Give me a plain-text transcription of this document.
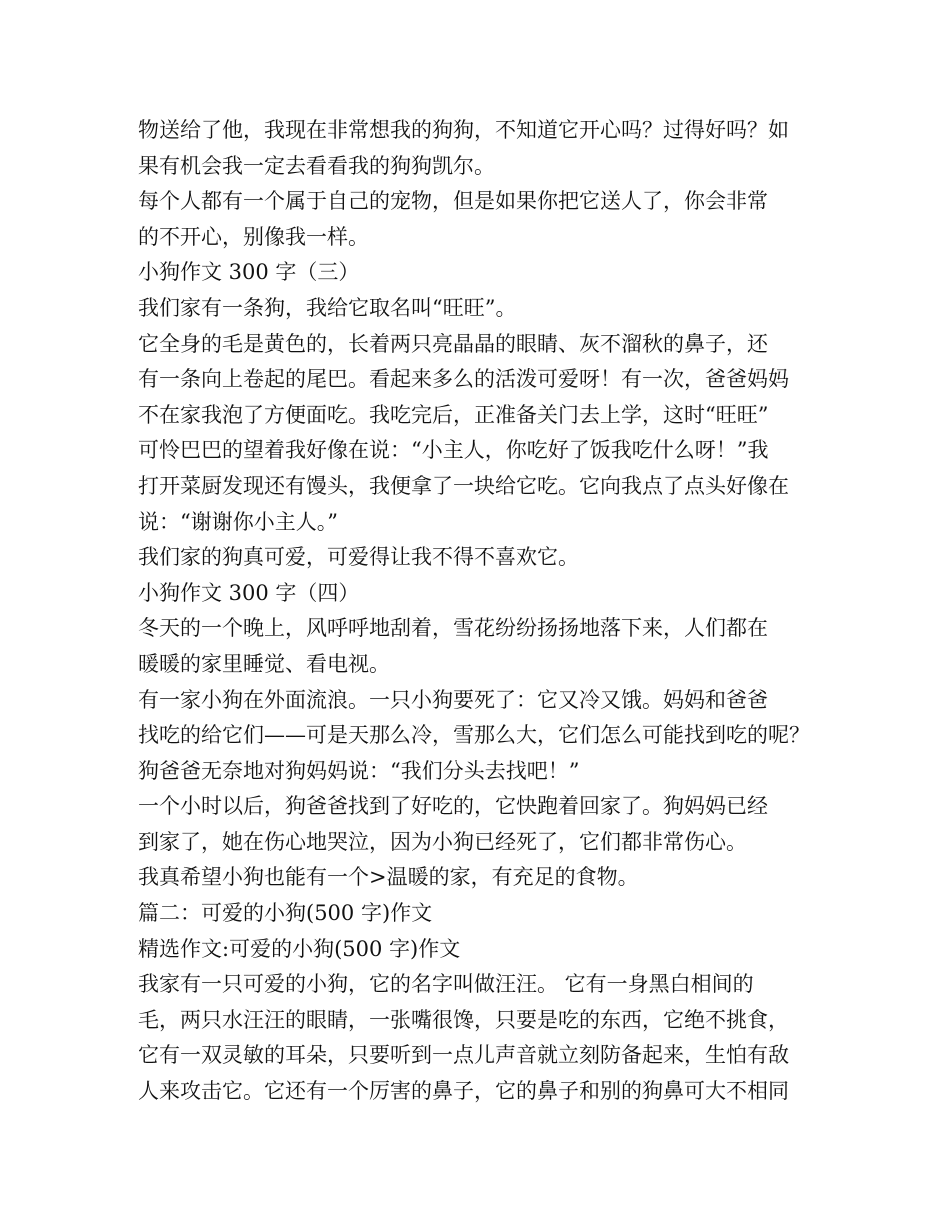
物送给了他，我现在非常想我的狗狗，不知道它开心吗？过得好吗？如
果有机会我一定去看看我的狗狗凯尔。
每个人都有一个属于自己的宠物，但是如果你把它送人了，你会非常
的不开心，别像我一样。
小狗作文 300 字（三）
我们家有一条狗，我给它取名叫“旺旺”。
它全身的毛是黄色的，长着两只亮晶晶的眼睛、灰不溜秋的鼻子，还
有一条向上卷起的尾巴。看起来多么的活泼可爱呀！有一次，爸爸妈妈
不在家我泡了方便面吃。我吃完后，正准备关门去上学，这时“旺旺”
可怜巴巴的望着我好像在说：“小主人，你吃好了饭我吃什么呀！”我
打开菜厨发现还有馒头，我便拿了一块给它吃。它向我点了点头好像在
说：“谢谢你小主人。”
我们家的狗真可爱，可爱得让我不得不喜欢它。
小狗作文 300 字（四）
冬天的一个晚上，风呼呼地刮着，雪花纷纷扬扬地落下来，人们都在
暖暖的家里睡觉、看电视。
有一家小狗在外面流浪。一只小狗要死了：它又冷又饿。妈妈和爸爸
找吃的给它们——可是天那么冷，雪那么大，它们怎么可能找到吃的呢？
狗爸爸无奈地对狗妈妈说：“我们分头去找吧！”
一个小时以后，狗爸爸找到了好吃的，它快跑着回家了。狗妈妈已经
到家了，她在伤心地哭泣，因为小狗已经死了，它们都非常伤心。
我真希望小狗也能有一个>温暖的家，有充足的食物。
篇二：可爱的小狗(500 字)作文
精选作文:可爱的小狗(500 字)作文
我家有一只可爱的小狗，它的名字叫做汪汪。 它有一身黑白相间的
毛，两只水汪汪的眼睛，一张嘴很馋，只要是吃的东西，它绝不挑食，
它有一双灵敏的耳朵，只要听到一点儿声音就立刻防备起来，生怕有敌
人来攻击它。它还有一个厉害的鼻子，它的鼻子和别的狗鼻可大不相同
